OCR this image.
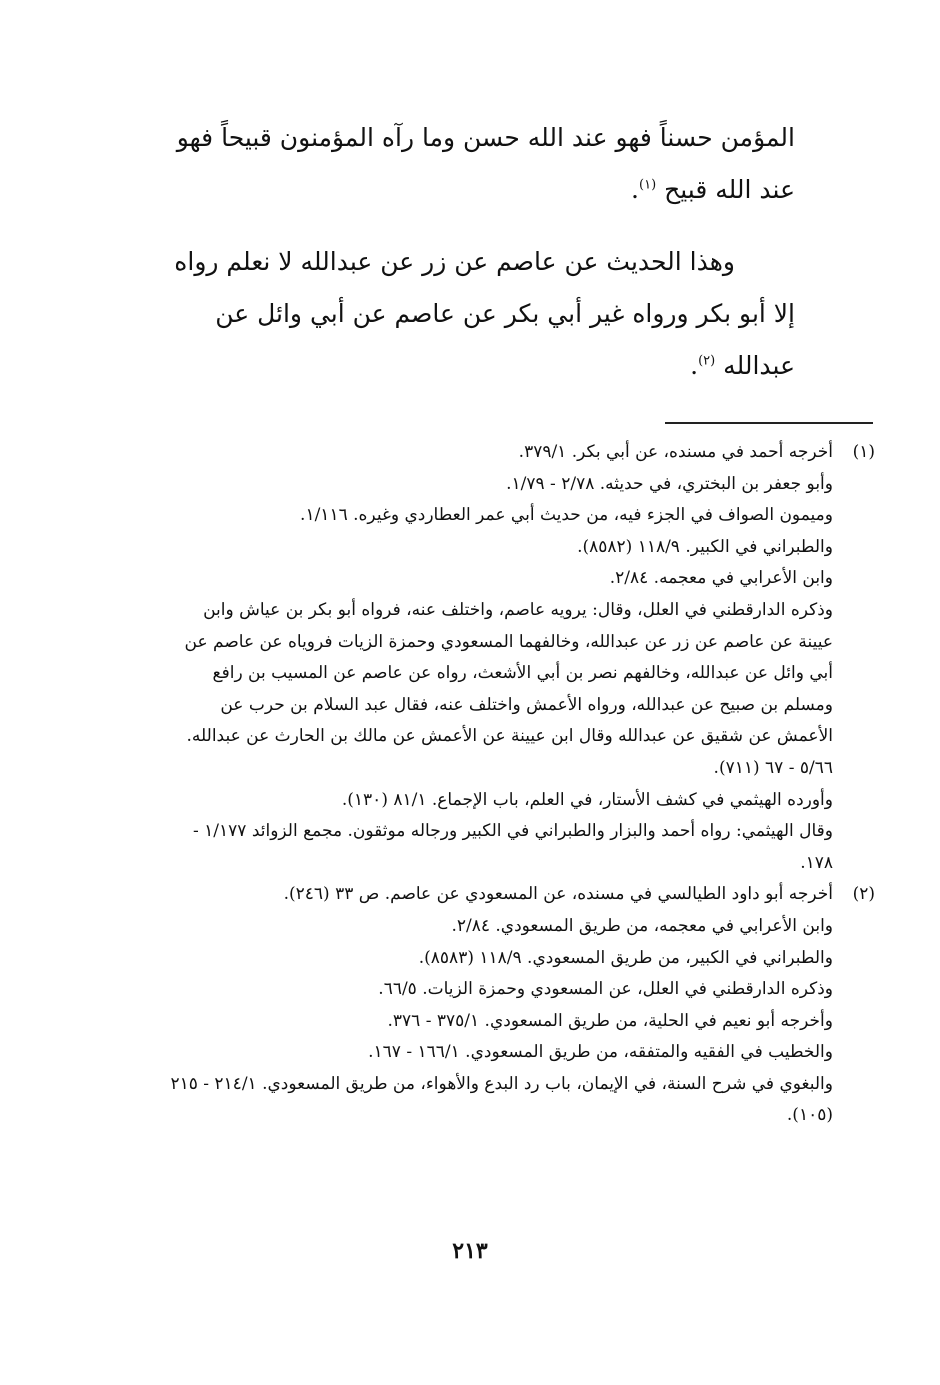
المؤمن حسناً فهو عند الله حسن وما رآه المؤمنون قبيحاً فهو عند الله قبيح $^{(١)}$.

وهذا الحديث عن عاصم عن زر عن عبدالله لا نعلم رواه إلا أبو بكر ورواه غير أبي بكر عن عاصم عن أبي وائل عن عبدالله $^{(٢)}$.

(١)
أخرجه أحمد في مسنده، عن أبي بكر. ٣٧٩/١.
وأبو جعفر بن البختري، في حديثه. ٢/٧٨ - ١/٧٩.
وميمون الصواف في الجزء فيه، من حديث أبي عمر العطاردي وغيره. ١/١١٦.
والطبراني في الكبير. ١١٨/٩ (٨٥٨٢).
وابن الأعرابي في معجمه. ٢/٨٤.
وذكره الدارقطني في العلل، وقال: يرويه عاصم، واختلف عنه، فرواه أبو بكر بن عياش وابن عيينة عن عاصم عن زر عن عبدالله، وخالفهما المسعودي وحمزة الزيات فروياه عن عاصم عن أبي وائل عن عبدالله، وخالفهم نصر بن أبي الأشعث، رواه عن عاصم عن المسيب بن رافع ومسلم بن صبيح عن عبدالله، ورواه الأعمش واختلف عنه، فقال عبد السلام بن حرب عن الأعمش عن شقيق عن عبدالله وقال ابن عيينة عن الأعمش عن مالك بن الحارث عن عبدالله. ٥/٦٦ - ٦٧ (٧١١).
وأورده الهيثمي في كشف الأستار، في العلم، باب الإجماع. ٨١/١ (١٣٠).
وقال الهيثمي: رواه أحمد والبزار والطبراني في الكبير ورجاله موثقون. مجمع الزوائد ١/١٧٧ - ١٧٨.
(٢)
أخرجه أبو داود الطيالسي في مسنده، عن المسعودي عن عاصم. ص ٣٣ (٢٤٦).
وابن الأعرابي في معجمه، من طريق المسعودي. ٢/٨٤.
والطبراني في الكبير، من طريق المسعودي. ١١٨/٩ (٨٥٨٣).
وذكره الدارقطني في العلل، عن المسعودي وحمزة الزيات. ٦٦/٥.
وأخرجه أبو نعيم في الحلية، من طريق المسعودي. ٣٧٥/١ - ٣٧٦.
والخطيب في الفقيه والمتفقه، من طريق المسعودي. ١٦٦/١ - ١٦٧.
والبغوي في شرح السنة، في الإيمان، باب رد البدع والأهواء، من طريق المسعودي. ٢١٤/١ - ٢١٥ (١٠٥).
٢١٣
